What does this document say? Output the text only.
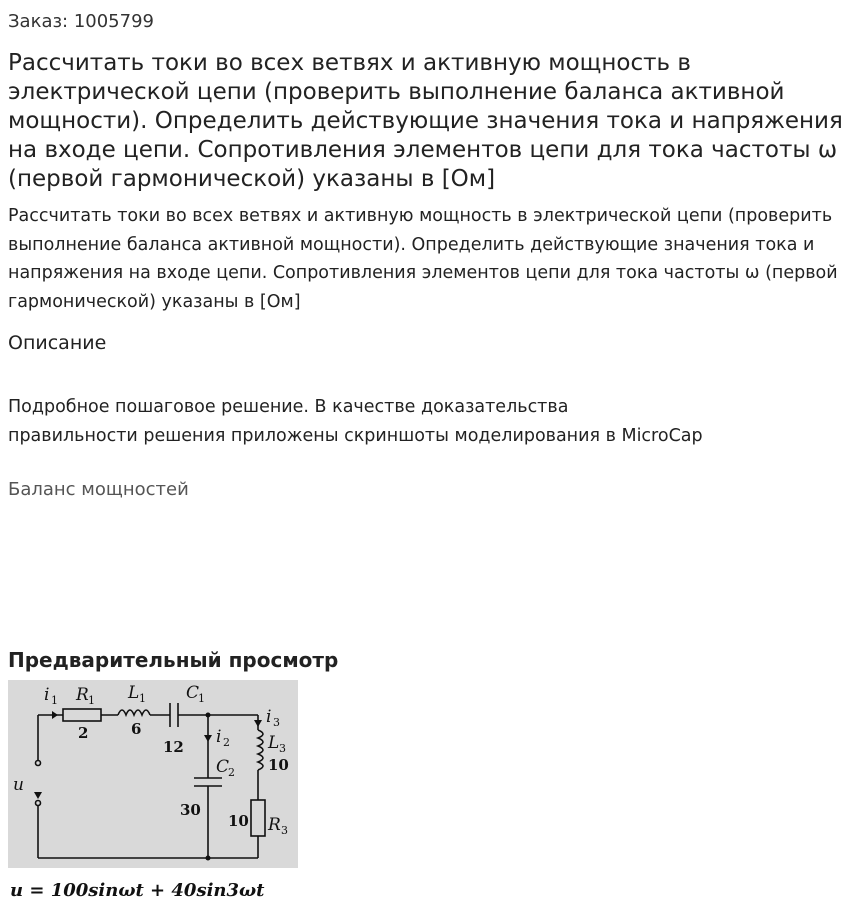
Заказ: 1005799
Рассчитать токи во всех ветвях и активную мощность в электрической цепи (проверить выполнение баланса активной мощности). Определить действующие значения тока и напряжения на входе цепи. Сопротивления элементов цепи для тока частоты ω (первой гармонической) указаны в [Ом]

Рассчитать токи во всех ветвях и активную мощность в электрической цепи (проверить выполнение баланса активной мощности). Определить действующие значения тока и напряжения на входе цепи. Сопротивления элементов цепи для тока частоты ω (первой гармонической) указаны в [Ом]

Описание

Подробное пошаговое решение. В качестве доказательства
правильности решения приложены скриншоты моделирования в MicroCap

Баланс мощностей
Предварительный просмотр
i 1 R 1
2
L 1
6
C
1
12 i 2
C
2
30
i 3
L 3
10
R 3
10
u
u = 100sinωt + 40sin3ωt
